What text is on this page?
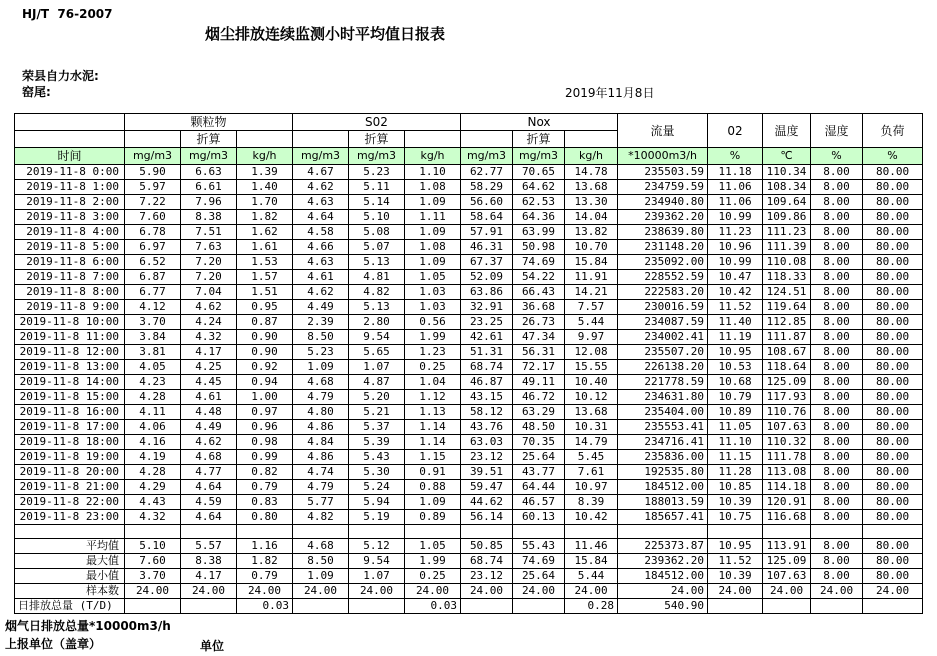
HJ/T  76-2007
烟尘排放连续监测小时平均值日报表
荣县自力水泥:
窑尾:	2019年11月8日
	颗粒物			S02			Nox			流量	02	温度	湿度	负荷
		折算			折算			折算						
时间	mg/m3	mg/m3	kg/h	mg/m3	mg/m3	kg/h	mg/m3	mg/m3	kg/h	*10000m3/h	%	℃	%	%
2019-11-8 0:00	5.90	6.63	1.39	4.67	5.23	1.10	62.77	70.65	14.78	235503.59	11.18	110.34	8.00	80.00
2019-11-8 1:00	5.97	6.61	1.40	4.62	5.11	1.08	58.29	64.62	13.68	234759.59	11.06	108.34	8.00	80.00
2019-11-8 2:00	7.22	7.96	1.70	4.63	5.14	1.09	56.60	62.53	13.30	234940.80	11.06	109.64	8.00	80.00
2019-11-8 3:00	7.60	8.38	1.82	4.64	5.10	1.11	58.64	64.36	14.04	239362.20	10.99	109.86	8.00	80.00
2019-11-8 4:00	6.78	7.51	1.62	4.58	5.08	1.09	57.91	63.99	13.82	238639.80	11.23	111.23	8.00	80.00
2019-11-8 5:00	6.97	7.63	1.61	4.66	5.07	1.08	46.31	50.98	10.70	231148.20	10.96	111.39	8.00	80.00
2019-11-8 6:00	6.52	7.20	1.53	4.63	5.13	1.09	67.37	74.69	15.84	235092.00	10.99	110.08	8.00	80.00
2019-11-8 7:00	6.87	7.20	1.57	4.61	4.81	1.05	52.09	54.22	11.91	228552.59	10.47	118.33	8.00	80.00
2019-11-8 8:00	6.77	7.04	1.51	4.62	4.82	1.03	63.86	66.43	14.21	222583.20	10.42	124.51	8.00	80.00
2019-11-8 9:00	4.12	4.62	0.95	4.49	5.13	1.03	32.91	36.68	7.57	230016.59	11.52	119.64	8.00	80.00
2019-11-8 10:00	3.70	4.24	0.87	2.39	2.80	0.56	23.25	26.73	5.44	234087.59	11.40	112.85	8.00	80.00
2019-11-8 11:00	3.84	4.32	0.90	8.50	9.54	1.99	42.61	47.34	9.97	234002.41	11.19	111.87	8.00	80.00
2019-11-8 12:00	3.81	4.17	0.90	5.23	5.65	1.23	51.31	56.31	12.08	235507.20	10.95	108.67	8.00	80.00
2019-11-8 13:00	4.05	4.25	0.92	1.09	1.07	0.25	68.74	72.17	15.55	226138.20	10.53	118.64	8.00	80.00
2019-11-8 14:00	4.23	4.45	0.94	4.68	4.87	1.04	46.87	49.11	10.40	221778.59	10.68	125.09	8.00	80.00
2019-11-8 15:00	4.28	4.61	1.00	4.79	5.20	1.12	43.15	46.72	10.12	234631.80	10.79	117.93	8.00	80.00
2019-11-8 16:00	4.11	4.48	0.97	4.80	5.21	1.13	58.12	63.29	13.68	235404.00	10.89	110.76	8.00	80.00
2019-11-8 17:00	4.06	4.49	0.96	4.86	5.37	1.14	43.76	48.50	10.31	235553.41	11.05	107.63	8.00	80.00
2019-11-8 18:00	4.16	4.62	0.98	4.84	5.39	1.14	63.03	70.35	14.79	234716.41	11.10	110.32	8.00	80.00
2019-11-8 19:00	4.19	4.68	0.99	4.86	5.43	1.15	23.12	25.64	5.45	235836.00	11.15	111.78	8.00	80.00
2019-11-8 20:00	4.28	4.77	0.82	4.74	5.30	0.91	39.51	43.77	7.61	192535.80	11.28	113.08	8.00	80.00
2019-11-8 21:00	4.29	4.64	0.79	4.79	5.24	0.88	59.47	64.44	10.97	184512.00	10.85	114.18	8.00	80.00
2019-11-8 22:00	4.43	4.59	0.83	5.77	5.94	1.09	44.62	46.57	8.39	188013.59	10.39	120.91	8.00	80.00
2019-11-8 23:00	4.32	4.64	0.80	4.82	5.19	0.89	56.14	60.13	10.42	185657.41	10.75	116.68	8.00	80.00

平均值	5.10	5.57	1.16	4.68	5.12	1.05	50.85	55.43	11.46	225373.87	10.95	113.91	8.00	80.00
最大值	7.60	8.38	1.82	8.50	9.54	1.99	68.74	74.69	15.84	239362.20	11.52	125.09	8.00	80.00
最小值	3.70	4.17	0.79	1.09	1.07	0.25	23.12	25.64	5.44	184512.00	10.39	107.63	8.00	80.00
样本数	24.00	24.00	24.00	24.00	24.00	24.00	24.00	24.00	24.00	24.00	24.00	24.00	24.00	24.00
日排放总量 (T/D)			0.03			0.03			0.28	540.90				
烟气日排放总量*10000m3/h
上报单位（盖章）	单位
